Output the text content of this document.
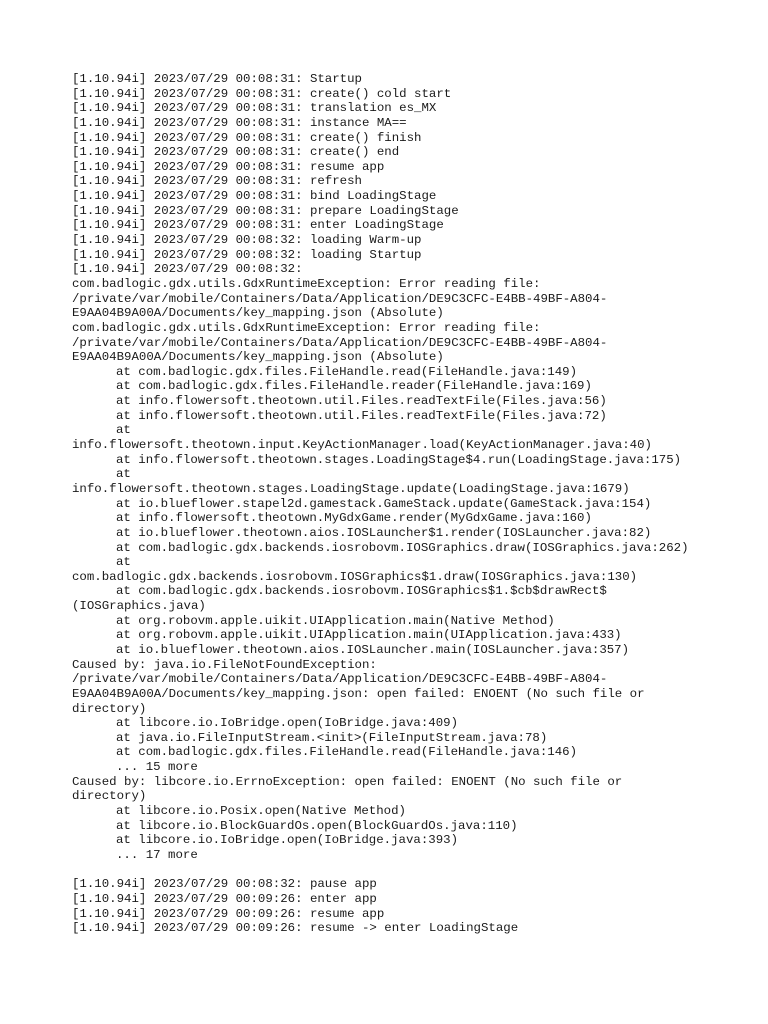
[1.10.94i] 2023/07/29 00:08:31: Startup
[1.10.94i] 2023/07/29 00:08:31: create() cold start
[1.10.94i] 2023/07/29 00:08:31: translation es_MX
[1.10.94i] 2023/07/29 00:08:31: instance MA==
[1.10.94i] 2023/07/29 00:08:31: create() finish
[1.10.94i] 2023/07/29 00:08:31: create() end
[1.10.94i] 2023/07/29 00:08:31: resume app
[1.10.94i] 2023/07/29 00:08:31: refresh
[1.10.94i] 2023/07/29 00:08:31: bind LoadingStage
[1.10.94i] 2023/07/29 00:08:31: prepare LoadingStage
[1.10.94i] 2023/07/29 00:08:31: enter LoadingStage
[1.10.94i] 2023/07/29 00:08:32: loading Warm-up
[1.10.94i] 2023/07/29 00:08:32: loading Startup
[1.10.94i] 2023/07/29 00:08:32:
com.badlogic.gdx.utils.GdxRuntimeException: Error reading file:
/private/var/mobile/Containers/Data/Application/DE9C3CFC-E4BB-49BF-A804-
E9AA04B9A00A/Documents/key_mapping.json (Absolute)
com.badlogic.gdx.utils.GdxRuntimeException: Error reading file:
/private/var/mobile/Containers/Data/Application/DE9C3CFC-E4BB-49BF-A804-
E9AA04B9A00A/Documents/key_mapping.json (Absolute)
at com.badlogic.gdx.files.FileHandle.read(FileHandle.java:149)
at com.badlogic.gdx.files.FileHandle.reader(FileHandle.java:169)
at info.flowersoft.theotown.util.Files.readTextFile(Files.java:56)
at info.flowersoft.theotown.util.Files.readTextFile(Files.java:72)
at
info.flowersoft.theotown.input.KeyActionManager.load(KeyActionManager.java:40)
at info.flowersoft.theotown.stages.LoadingStage$4.run(LoadingStage.java:175)
at
info.flowersoft.theotown.stages.LoadingStage.update(LoadingStage.java:1679)
at io.blueflower.stapel2d.gamestack.GameStack.update(GameStack.java:154)
at info.flowersoft.theotown.MyGdxGame.render(MyGdxGame.java:160)
at io.blueflower.theotown.aios.IOSLauncher$1.render(IOSLauncher.java:82)
at com.badlogic.gdx.backends.iosrobovm.IOSGraphics.draw(IOSGraphics.java:262)
at
com.badlogic.gdx.backends.iosrobovm.IOSGraphics$1.draw(IOSGraphics.java:130)
at com.badlogic.gdx.backends.iosrobovm.IOSGraphics$1.$cb$drawRect$
(IOSGraphics.java)
at org.robovm.apple.uikit.UIApplication.main(Native Method)
at org.robovm.apple.uikit.UIApplication.main(UIApplication.java:433)
at io.blueflower.theotown.aios.IOSLauncher.main(IOSLauncher.java:357)
Caused by: java.io.FileNotFoundException:
/private/var/mobile/Containers/Data/Application/DE9C3CFC-E4BB-49BF-A804-
E9AA04B9A00A/Documents/key_mapping.json: open failed: ENOENT (No such file or
directory)
at libcore.io.IoBridge.open(IoBridge.java:409)
at java.io.FileInputStream.<init>(FileInputStream.java:78)
at com.badlogic.gdx.files.FileHandle.read(FileHandle.java:146)
... 15 more
Caused by: libcore.io.ErrnoException: open failed: ENOENT (No such file or
directory)
at libcore.io.Posix.open(Native Method)
at libcore.io.BlockGuardOs.open(BlockGuardOs.java:110)
at libcore.io.IoBridge.open(IoBridge.java:393)
... 17 more
[1.10.94i] 2023/07/29 00:08:32: pause app
[1.10.94i] 2023/07/29 00:09:26: enter app
[1.10.94i] 2023/07/29 00:09:26: resume app
[1.10.94i] 2023/07/29 00:09:26: resume -> enter LoadingStage
